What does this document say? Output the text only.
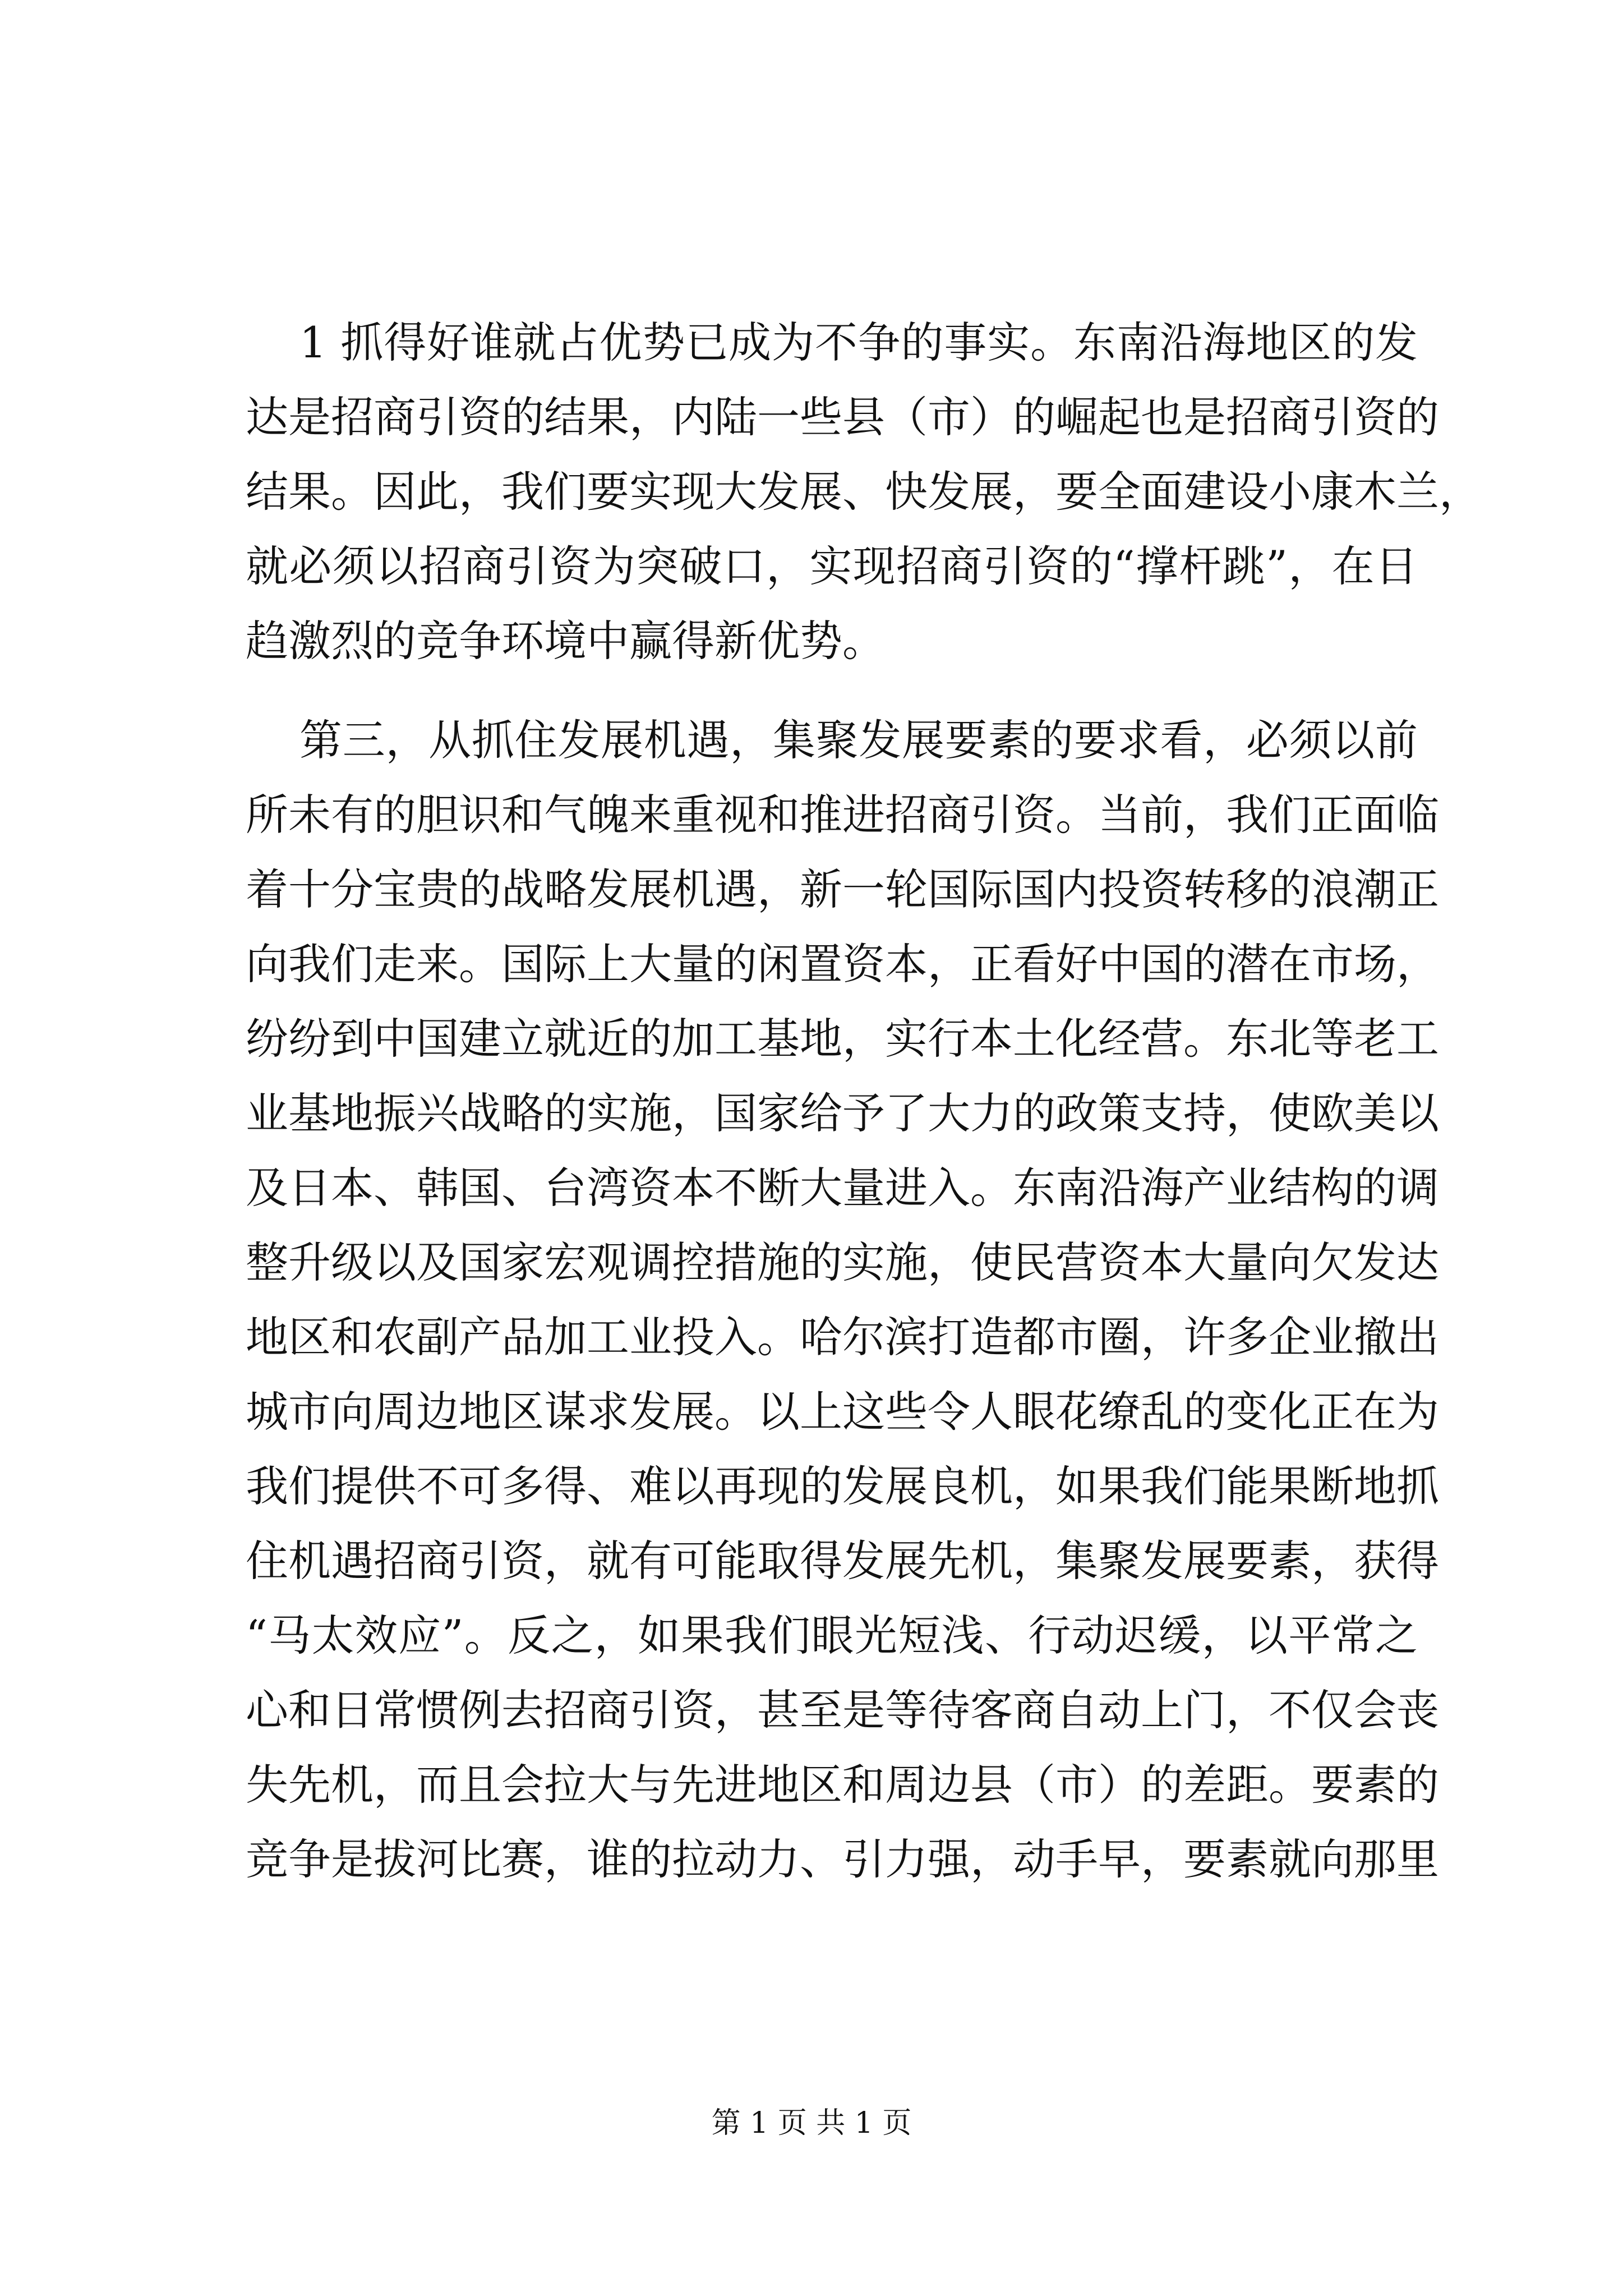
1 抓得好谁就占优势已成为不争的事实。东南沿海地区的发
达是招商引资的结果，内陆一些县（市）的崛起也是招商引资的
结果。因此，我们要实现大发展、快发展，要全面建设小康木兰，
就必须以招商引资为突破口，实现招商引资的“撑杆跳”，在日
趋激烈的竞争环境中赢得新优势。
第三，从抓住发展机遇，集聚发展要素的要求看，必须以前
所未有的胆识和气魄来重视和推进招商引资。当前，我们正面临
着十分宝贵的战略发展机遇，新一轮国际国内投资转移的浪潮正
向我们走来。国际上大量的闲置资本，正看好中国的潜在市场，
纷纷到中国建立就近的加工基地，实行本土化经营。东北等老工
业基地振兴战略的实施，国家给予了大力的政策支持，使欧美以
及日本、韩国、台湾资本不断大量进入。东南沿海产业结构的调
整升级以及国家宏观调控措施的实施，使民营资本大量向欠发达
地区和农副产品加工业投入。哈尔滨打造都市圈，许多企业撤出
城市向周边地区谋求发展。以上这些令人眼花缭乱的变化正在为
我们提供不可多得、难以再现的发展良机，如果我们能果断地抓
住机遇招商引资，就有可能取得发展先机，集聚发展要素，获得
“马太效应”。反之，如果我们眼光短浅、行动迟缓，以平常之
心和日常惯例去招商引资，甚至是等待客商自动上门，不仅会丧
失先机，而且会拉大与先进地区和周边县（市）的差距。要素的
竞争是拔河比赛，谁的拉动力、引力强，动手早，要素就向那里
第 1 页 共 1 页
